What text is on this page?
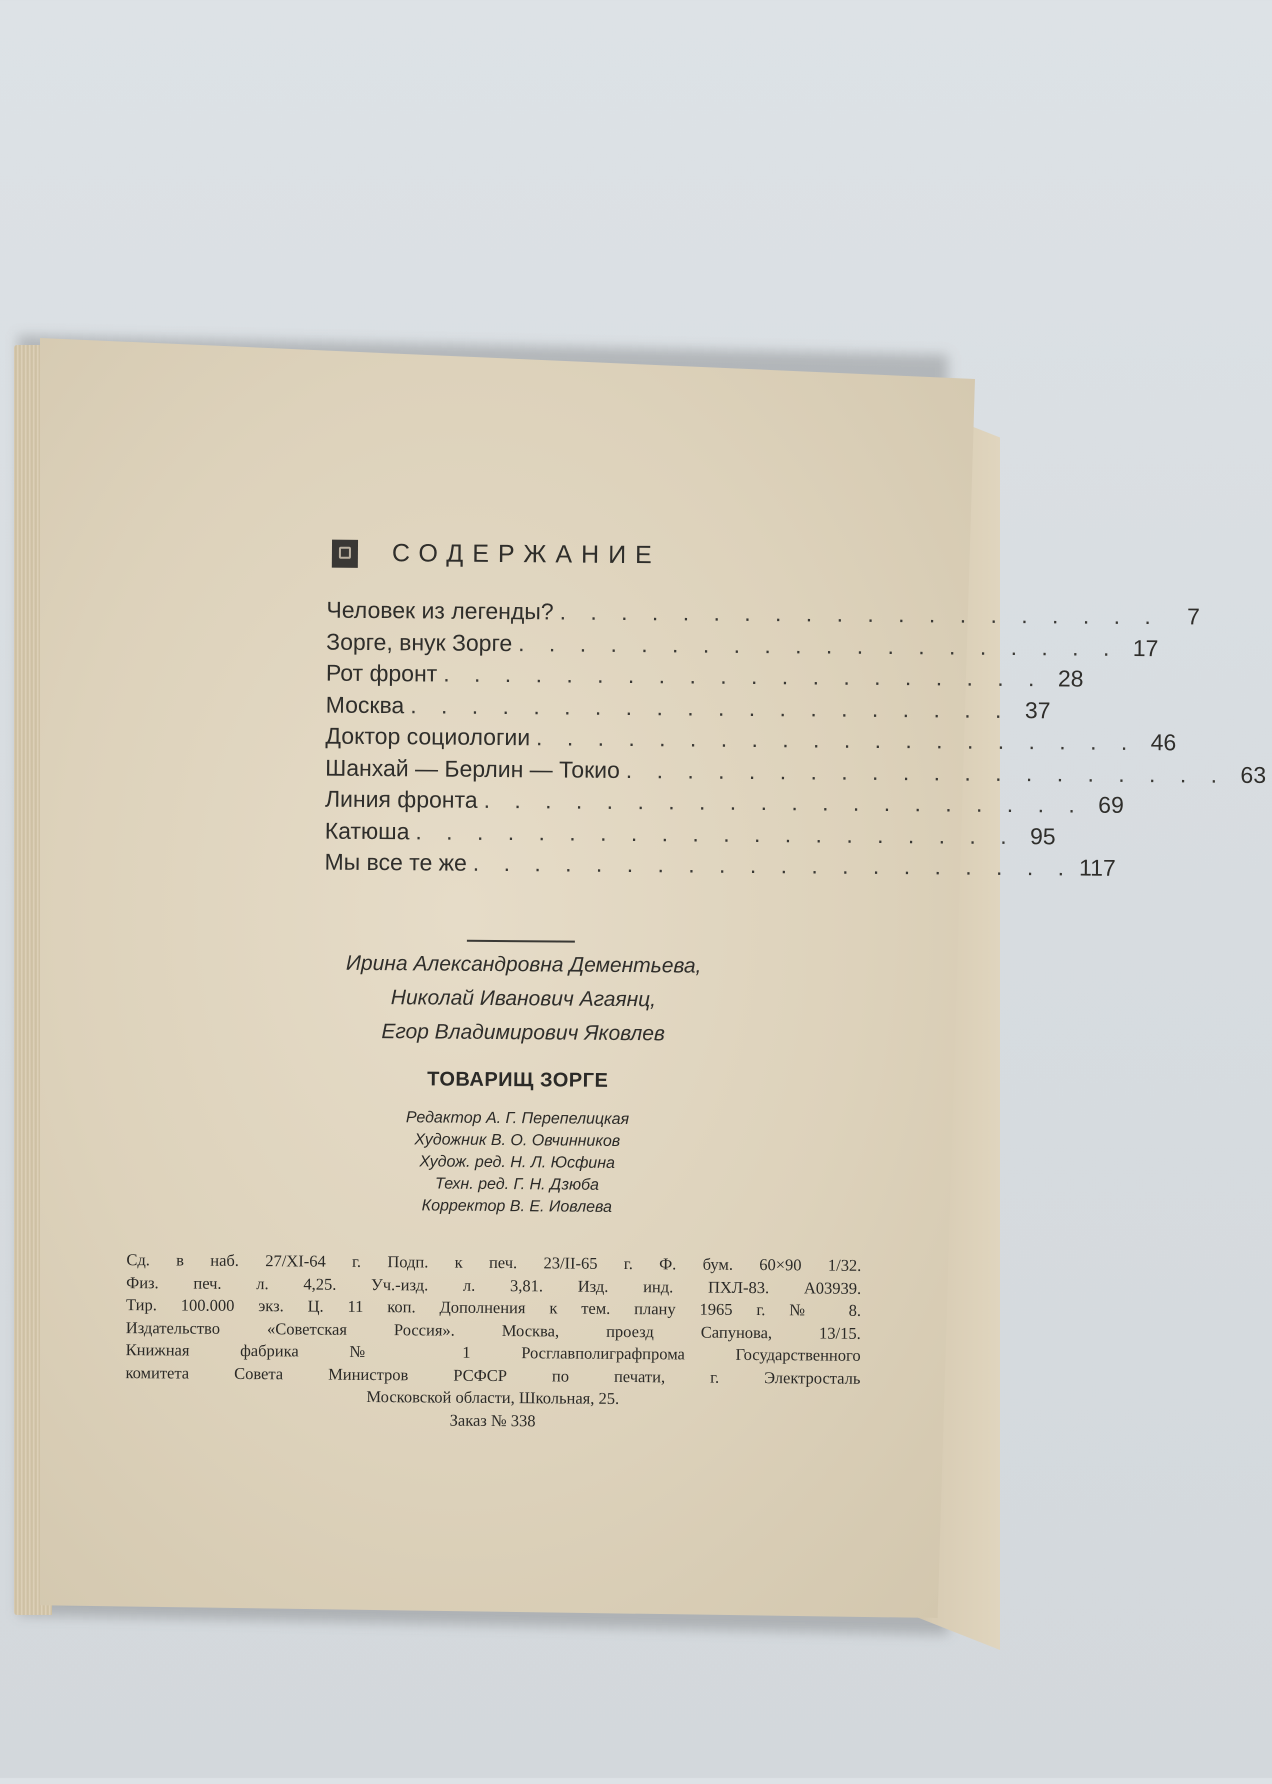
СОДЕРЖАНИЕ
Человек из легенды? . . . . . . . . . . . . . . . . . . . .	7
Зорге, внук Зорге . . . . . . . . . . . . . . . . . . . . 17
Рот фронт . . . . . . . . . . . . . . . . . . . . 28
Москва . . . . . . . . . . . . . . . . . . . . 37
Доктор социологии . . . . . . . . . . . . . . . . . . . . 46
Шанхай — Берлин — Токио . . . . . . . . . . . . . . . . . . . . 63
Линия фронта . . . . . . . . . . . . . . . . . . . . 69
Катюша . . . . . . . . . . . . . . . . . . . . 95
Мы все те же . . . . . . . . . . . . . . . . . . . . 117
Ирина Александровна Дементьева,
Николай Иванович Агаянц,
Егор Владимирович Яковлев
ТОВАРИЩ ЗОРГЕ
Редактор А. Г. Перепелицкая
Художник В. О. Овчинников
Худож. ред. Н. Л. Юсфина
Техн. ред. Г. Н. Дзюба
Корректор В. Е. Иовлева
Сд. в наб. 27/XI-64 г. Подп. к печ. 23/II-65 г. Ф. бум. 60×90 1/32.
Физ. печ. л. 4,25. Уч.-изд. л. 3,81. Изд. инд. ПХЛ-83. А03939.
Тир. 100.000 экз. Ц. 11 коп. Дополнения к тем. плану 1965 г. № 8.
Издательство «Советская Россия». Москва, проезд Сапунова, 13/15.
Книжная фабрика № 1 Росглавполиграфпрома Государственного
комитета Совета Министров РСФСР по печати, г. Электросталь
Московской области, Школьная, 25.
Заказ № 338
